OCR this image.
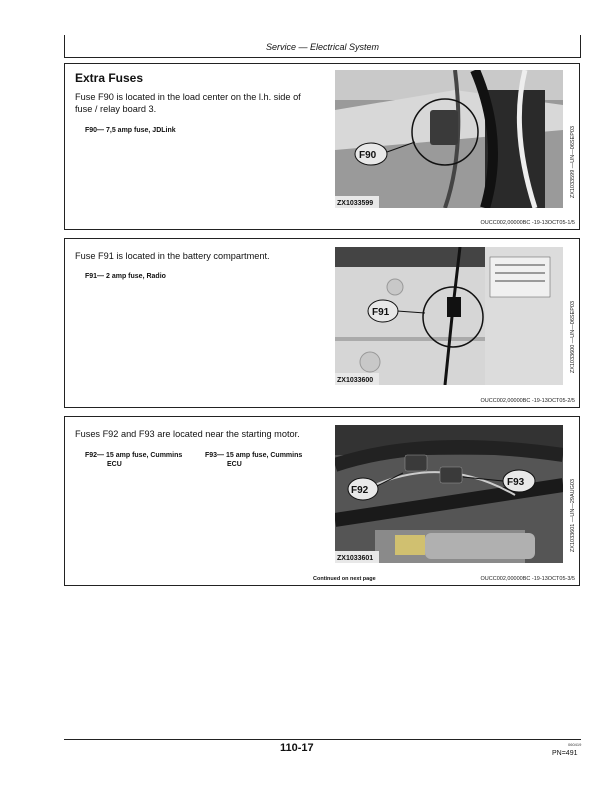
Service — Electrical System
Extra Fuses
Fuse F90 is located in the load center on the l.h. side of fuse / relay board 3.
F90— 7,5 amp fuse, JDLink
F90
ZX1033599
ZX1033599 —UN—06SEP03
OUCC002,00000BC -19-13OCT05-1/5
Fuse F91 is located in the battery compartment.
F91— 2 amp fuse, Radio
F91
ZX1033600
ZX1033600 —UN—06SEP03
OUCC002,00000BC -19-13OCT05-2/5
Fuses F92 and F93 are located near the starting motor.
F92— 15 amp fuse, Cummins
ECU
F93— 15 amp fuse, Cummins
ECU
F92
F93
ZX1033601
ZX1033601 —UN—29AUG03
Continued on next page	OUCC002,00000BC -19-13OCT05-3/5
110-17	060419
PN=491
